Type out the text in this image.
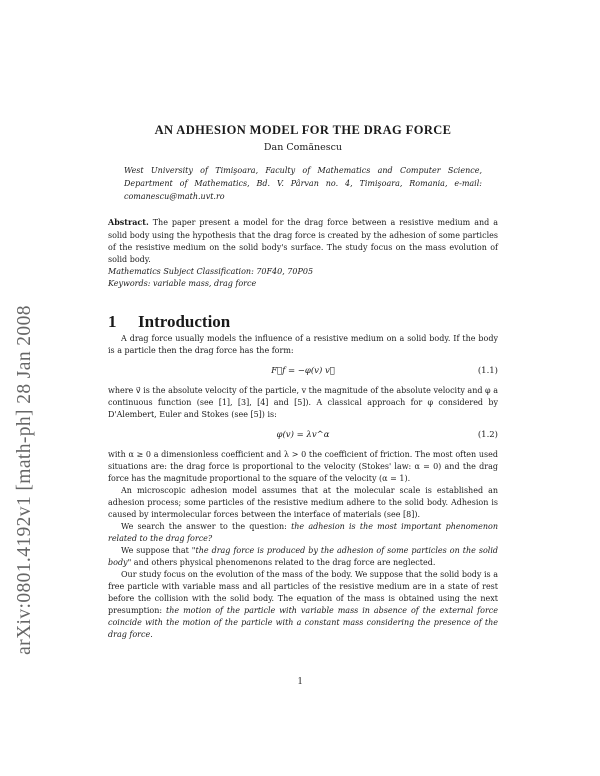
arXiv:0801.4192v1 [math-ph] 28 Jan 2008
AN ADHESION MODEL FOR THE DRAG FORCE
Dan Comănescu
West University of Timişoara, Faculty of Mathematics and Computer Science, Department of Mathematics, Bd. V. Pârvan no. 4, Timişoara, Romania, e-mail: comanescu@math.uvt.ro
Abstract. The paper present a model for the drag force between a resistive medium and a solid body using the hypothesis that the drag force is created by the adhesion of some particles of the resistive medium on the solid body's surface. The study focus on the mass evolution of solid body.
Mathematics Subject Classification: 70F40, 70P05
Keywords: variable mass, drag force
1 Introduction

A drag force usually models the influence of a resistive medium on a solid body. If the body is a particle then the drag force has the form:

F⃗f = −φ(v) v⃗	(1.1)

where v⃗ is the absolute velocity of the particle, v the magnitude of the absolute velocity and φ a continuous function (see [1], [3], [4] and [5]). A classical approach for φ considered by D'Alembert, Euler and Stokes (see [5]) is:

φ(v) = λv^α	(1.2)

with α ≥ 0 a dimensionless coefficient and λ > 0 the coefficient of friction. The most often used situations are: the drag force is proportional to the velocity (Stokes' law: α = 0) and the drag force has the magnitude proportional to the square of the velocity (α = 1).

An microscopic adhesion model assumes that at the molecular scale is established an adhesion process; some particles of the resistive medium adhere to the solid body. Adhesion is caused by intermolecular forces between the interface of materials (see [8]).

We search the answer to the question: the adhesion is the most important phenomenon related to the drag force?

We suppose that "the drag force is produced by the adhesion of some particles on the solid body" and others physical phenomenons related to the drag force are neglected.

Our study focus on the evolution of the mass of the body. We suppose that the solid body is a free particle with variable mass and all particles of the resistive medium are in a state of rest before the collision with the solid body. The equation of the mass is obtained using the next presumption: the motion of the particle with variable mass in absence of the external force coincide with the motion of the particle with a constant mass considering the presence of the drag force.

1
